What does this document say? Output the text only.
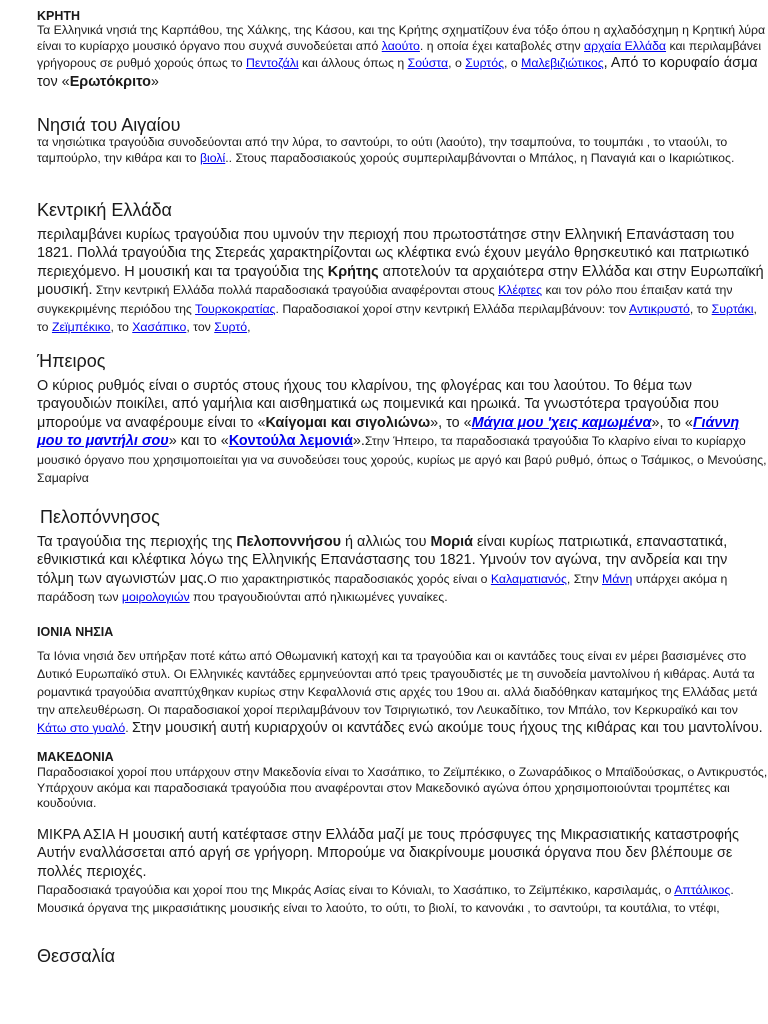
ΚΡΗΤΗ

Τα Ελληνικά νησιά της Καρπάθου, της Χάλκης, της Κάσου, και της Κρήτης σχηματίζουν ένα τόξο όπου η αχλαδόσχημη η Κρητική λύρα είναι το κυρίαρχο μουσικό όργανο που συχνά συνοδεύεται από λαούτο. η οποία έχει καταβολές στην αρχαία Ελλάδα και περιλαμβάνει γρήγορους σε ρυθμό χορούς όπως το Πεντοζάλι και άλλους όπως η Σούστα, ο Συρτός, ο Μαλεβιζιώτικος, Από το κορυφαίο άσμα τον «Ερωτόκριτο»

Νησιά του Αιγαίου

τα νησιώτικα τραγούδια συνοδεύονται από την λύρα, το σαντούρι, το ούτι (λαούτο), την τσαμπούνα, το τουμπάκι , το νταούλι, το ταμπούρλο, την κιθάρα και το βιολί.. Στους παραδοσιακούς χορούς συμπεριλαμβάνονται ο Μπάλος, η Παναγιά και ο Ικαριώτικος.

Κεντρική Ελλάδα

περιλαμβάνει κυρίως τραγούδια που υμνούν την περιοχή που πρωτοστάτησε στην Ελληνική Επανάσταση του 1821. Πολλά τραγούδια της Στερεάς χαρακτηρίζονται ως κλέφτικα ενώ έχουν μεγάλο θρησκευτικό και πατριωτικό περιεχόμενο. Η μουσική και τα τραγούδια της Κρήτης αποτελούν τα αρχαιότερα στην Ελλάδα και στην Ευρωπαϊκή μουσική. Στην κεντρική Ελλάδα πολλά παραδοσιακά τραγούδια αναφέρονται στους Κλέφτες και τον ρόλο που έπαιξαν κατά την συγκεκριμένης περιόδου της Τουρκοκρατίας. Παραδοσιακοί χοροί στην κεντρική Ελλάδα περιλαμβάνουν: τον Αντικρυστό, το Συρτάκι, το Ζεϊμπέκικο, το Χασάπικο, τον Συρτό,

Ήπειρος

Ο κύριος ρυθμός είναι ο συρτός στους ήχους του κλαρίνου, της φλογέρας και του λαούτου. Το θέμα των τραγουδιών ποικίλει, από γαμήλια και αισθηματικά ως ποιμενικά και ηρωικά. Τα γνωστότερα τραγούδια που μπορούμε να αναφέρουμε είναι το «Καίγομαι και σιγολιώνω», το «Μάγια μου 'χεις καμωμένα», το «Γιάννη μου το μαντήλι σου» και το «Κοντούλα λεμονιά».Στην Ήπειρο, τα παραδοσιακά τραγούδια Το κλαρίνο είναι το κυρίαρχο μουσικό όργανο που χρησιμοποιείται για να συνοδεύσει τους χορούς, κυρίως με αργό και βαρύ ρυθμό, όπως ο Τσάμικος, ο Μενούσης, Σαμαρίνα

Πελοπόννησος

Τα τραγούδια της περιοχής της Πελοποννήσου ή αλλιώς του Μοριά είναι κυρίως πατριωτικά, επαναστατικά, εθνικιστικά και κλέφτικα λόγω της Ελληνικής Επανάστασης του 1821. Υμνούν τον αγώνα, την ανδρεία και την τόλμη των αγωνιστών μας.Ο πιο χαρακτηριστικός παραδοσιακός χορός είναι ο Καλαματιανός, Στην Μάνη υπάρχει ακόμα η παράδοση των μοιρολογιών που τραγουδιούνται από ηλικιωμένες γυναίκες.

ΙΟΝΙΑ ΝΗΣΙΑ

Τα Ιόνια νησιά δεν υπήρξαν ποτέ κάτω από Οθωμανική κατοχή και τα τραγούδια και οι καντάδες τους είναι εν μέρει βασισμένες στο Δυτικό Ευρωπαϊκό στυλ. Οι Ελληνικές καντάδες ερμηνεύονται από τρεις τραγουδιστές με τη συνοδεία μαντολίνου ή κιθάρας. Αυτά τα ρομαντικά τραγούδια αναπτύχθηκαν κυρίως στην Κεφαλλονιά στις αρχές του 19ου αι. αλλά διαδόθηκαν καταμήκος της Ελλάδας μετά την απελευθέρωση. Οι παραδοσιακοί χοροί περιλαμβάνουν τον Τσιριγιωτικό, τον Λευκαδίτικο, τον Μπάλο, τον Κερκυραϊκό και τον Κάτω στο γυαλό. Στην μουσική αυτή κυριαρχούν οι καντάδες ενώ ακούμε τους ήχους της κιθάρας και του μαντολίνου.

ΜΑΚΕΔΟΝΙΑ

Παραδοσιακοί χοροί που υπάρχουν στην Μακεδονία είναι το Χασάπικο, το Ζεϊμπέκικο, ο Ζωναράδικος ο Μπαϊδούσκας, ο Αντικρυστός, Υπάρχουν ακόμα και παραδοσιακά τραγούδια που αναφέρονται στον Μακεδονικό αγώνα όπου χρησιμοποιούνται τρομπέτες και κουδούνια.

ΜΙΚΡΑ ΑΣΙΑ Η μουσική αυτή κατέφτασε στην Ελλάδα μαζί με τους πρόσφυγες της Μικρασιατικής καταστροφής
Αυτήν εναλλάσσεται από αργή σε γρήγορη. Μπορούμε να διακρίνουμε μουσικά όργανα που δεν βλέπουμε σε πολλές περιοχές.
Παραδοσιακά τραγούδια και χοροί που της Μικράς Ασίας είναι το Κόνιαλι, το Χασάπικο, το Ζεϊμπέκικο, καρσιλαμάς, ο Απτάλικος. Μουσικά όργανα της μικρασιάτικης μουσικής είναι το λαούτο, το ούτι, το βιολί, το κανονάκι , το σαντούρι, τα κουτάλια, το ντέφι,

Θεσσαλία
